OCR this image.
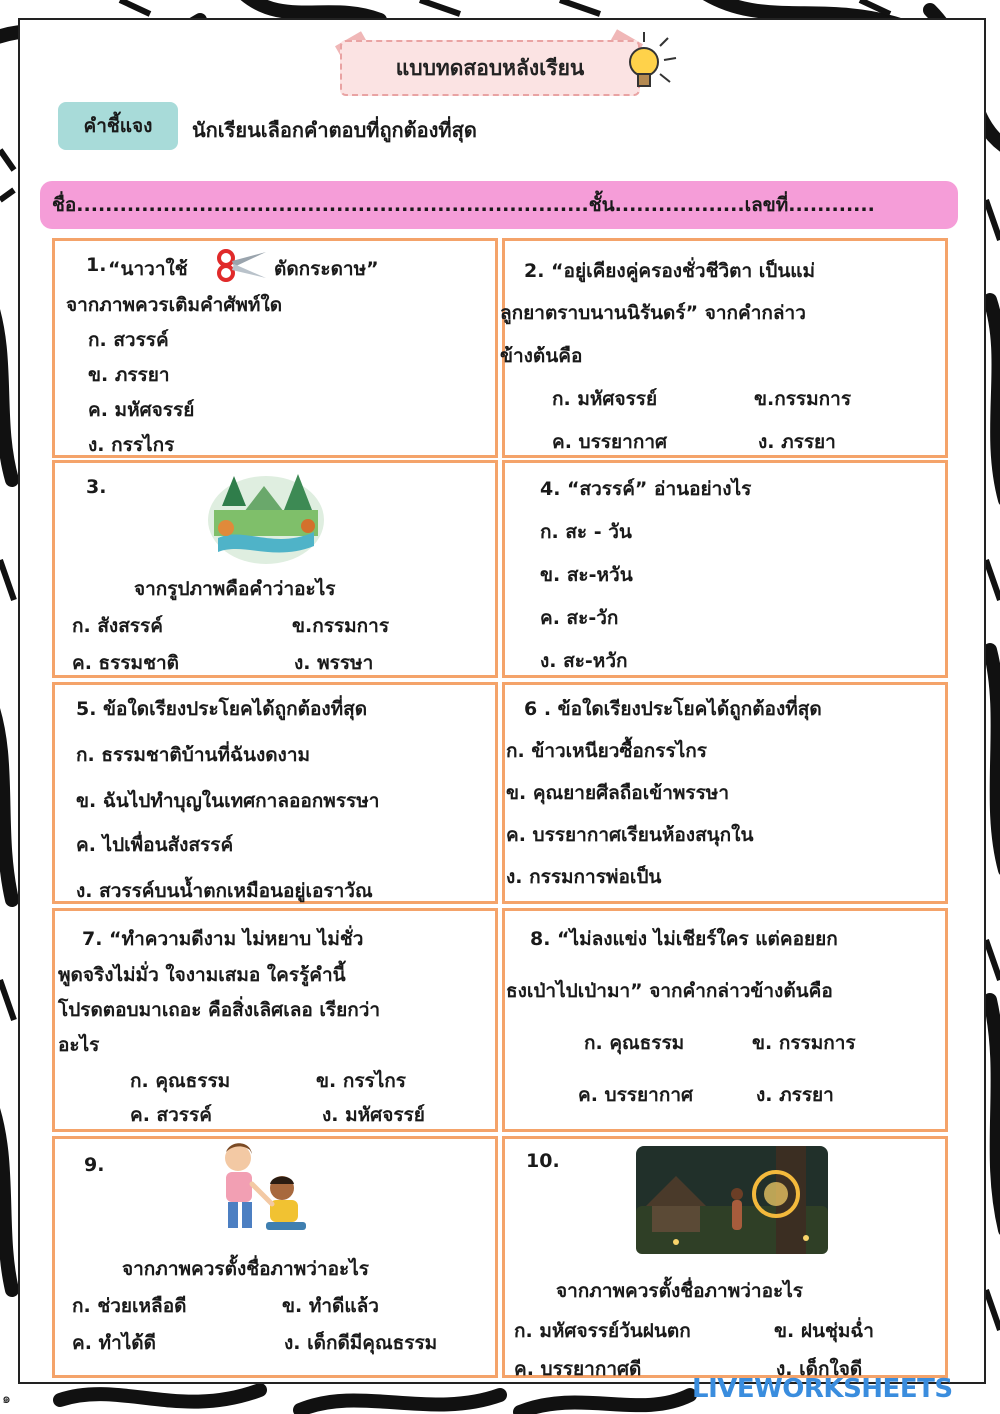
แบบทดสอบหลังเรียน
คำชี้แจง นักเรียนเลือกคำตอบที่ถูกต้องที่สุด
ชื่อ.......................................................................ชั้น..................เลขที่............
1. “นาวาใช้	ตัดกระดาษ”
จากภาพควรเติมคำศัพท์ใด
ก. สวรรค์
ข. ภรรยา
ค. มหัศจรรย์
ง. กรรไกร
2. “อยู่เคียงคู่ครองชั่วชีวิตา เป็นแม่
ลูกยาตราบนานนิรันดร์” จากคำกล่าว
ข้างต้นคือ
ก. มหัศจรรย์	ข.กรรมการ
ค. บรรยากาศ	ง. ภรรยา
3.
จากรูปภาพคือคำว่าอะไร
ก. สังสรรค์	ข.กรรมการ
ค. ธรรมชาติ	ง. พรรษา
4. “สวรรค์” อ่านอย่างไร
ก. สะ - วัน
ข. สะ-หวัน
ค. สะ-วัก
ง. สะ-หวัก
5. ข้อใดเรียงประโยคได้ถูกต้องที่สุด
ก. ธรรมชาติบ้านที่ฉันงดงาม
ข. ฉันไปทำบุญในเทศกาลออกพรรษา
ค. ไปเพื่อนสังสรรค์
ง. สวรรค์บนน้ำตกเหมือนอยู่เอราวัณ
6 . ข้อใดเรียงประโยคได้ถูกต้องที่สุด
ก. ข้าวเหนียวซื้อกรรไกร
ข. คุณยายศีลถือเข้าพรรษา
ค. บรรยากาศเรียนห้องสนุกใน
ง. กรรมการพ่อเป็น
7. “ทำความดีงาม ไม่หยาบ ไม่ชั่ว
พูดจริงไม่มั่ว ใจงามเสมอ ใครรู้คำนี้
โปรดตอบมาเถอะ คือสิ่งเลิศเลอ เรียกว่า
อะไร
ก. คุณธรรม	ข. กรรไกร
ค. สวรรค์	ง. มหัศจรรย์
8. “ไม่ลงแข่ง ไม่เชียร์ใคร แต่คอยยก
ธงเป่าไปเป่ามา” จากคำกล่าวข้างต้นคือ
ก. คุณธรรม	ข. กรรมการ
ค. บรรยากาศ	ง. ภรรยา
9.
จากภาพควรตั้งชื่อภาพว่าอะไร
ก. ช่วยเหลือดี	ข. ทำดีแล้ว
ค. ทำได้ดี	ง. เด็กดีมีคุณธรรม
10.
จากภาพควรตั้งชื่อภาพว่าอะไร
ก. มหัศจรรย์วันฝนตก	ข. ฝนชุ่มฉ่ำ
ค. บรรยากาศดี	ง. เด็กใจดี
๑	LIVEWORKSHEETS
